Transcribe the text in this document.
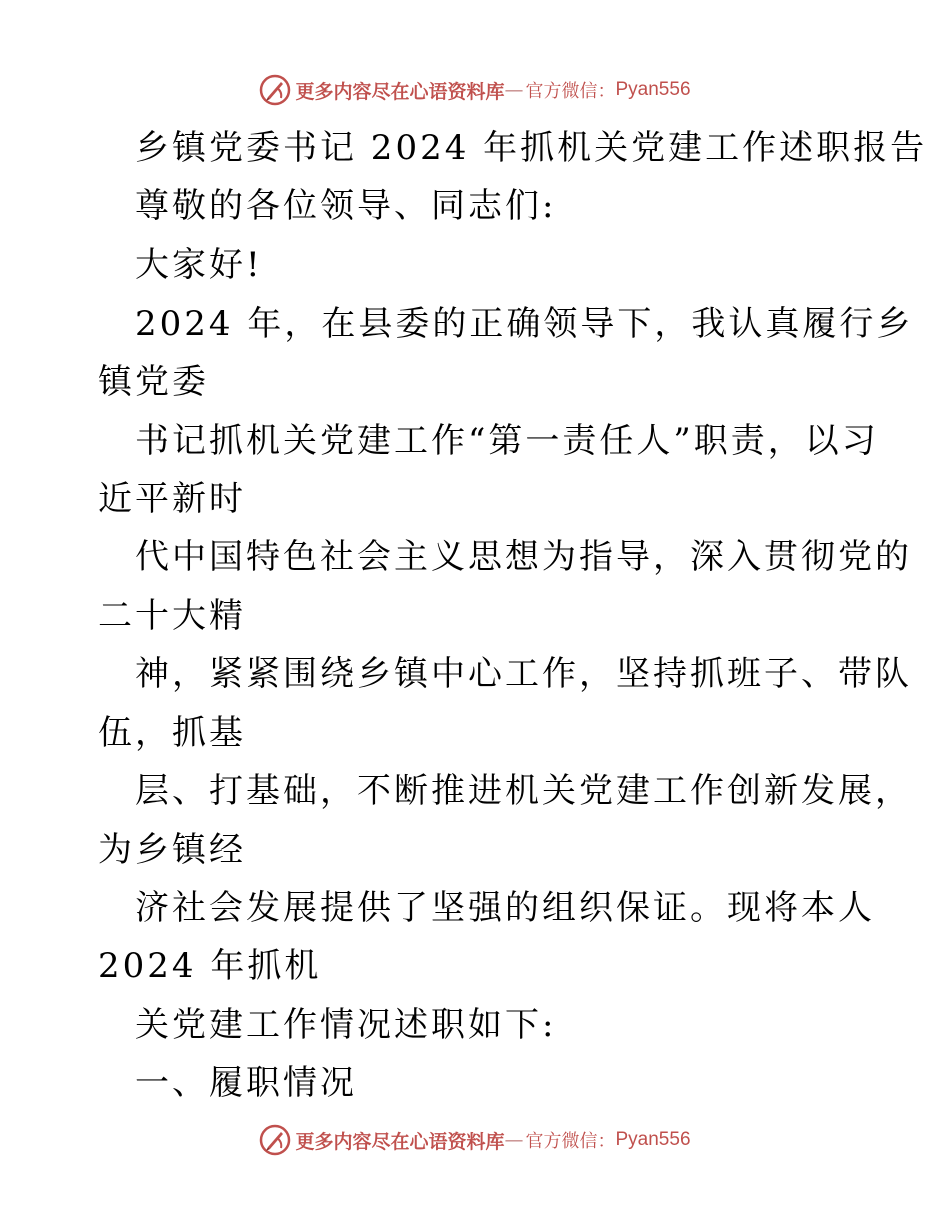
更多内容尽在心语资料库 — 官方微信： Pyan556
乡镇党委书记 2024 年抓机关党建工作述职报告
尊敬的各位领导、同志们:
大家好!
2024 年，在县委的正确领导下，我认真履行乡
镇党委
书记抓机关党建工作“第一责任人”职责，以习
近平新时
代中国特色社会主义思想为指导，深入贯彻党的
二十大精
神，紧紧围绕乡镇中心工作，坚持抓班子、带队
伍，抓基
层、打基础，不断推进机关党建工作创新发展，
为乡镇经
济社会发展提供了坚强的组织保证。现将本人
2024 年抓机
关党建工作情况述职如下:
一、履职情况
更多内容尽在心语资料库 — 官方微信： Pyan556
